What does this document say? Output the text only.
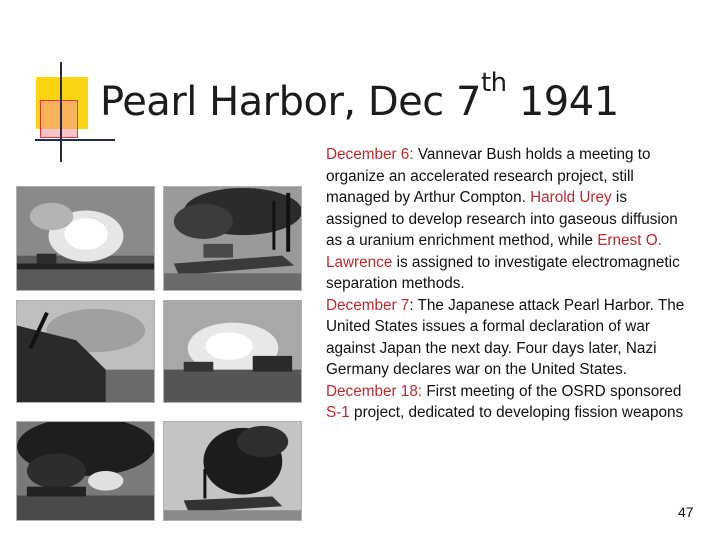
Pearl Harbor, Dec 7th 1941
December 6: Vannevar Bush holds a meeting to organize an accelerated research project, still managed by Arthur Compton. Harold Urey is assigned to develop research into gaseous diffusion as a uranium enrichment method, while Ernest O. Lawrence is assigned to investigate electromagnetic separation methods.
December 7: The Japanese attack Pearl Harbor. The United States issues a formal declaration of war against Japan the next day. Four days later, Nazi Germany declares war on the United States.
December 18: First meeting of the OSRD sponsored S-1 project, dedicated to developing fission weapons
47
